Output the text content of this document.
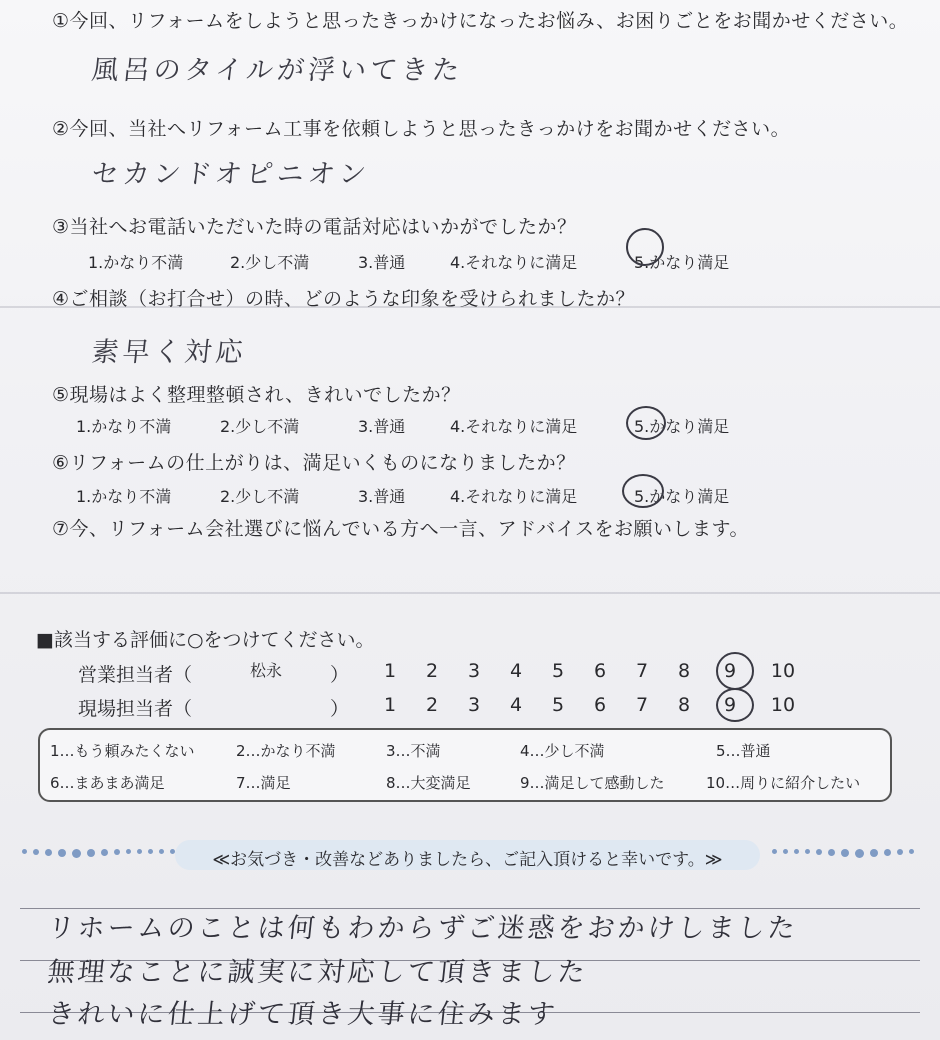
①今回、リフォームをしようと思ったきっかけになったお悩み、お困りごとをお聞かせください。
風呂のタイルが浮いてきた
②今回、当社へリフォーム工事を依頼しようと思ったきっかけをお聞かせください。
セカンドオピニオン
③当社へお電話いただいた時の電話対応はいかがでしたか？
1.かなり不満	2.少し不満	3.普通	4.それなりに満足	5.かなり満足
④ご相談（お打合せ）の時、どのような印象を受けられましたか？
素早く対応
⑤現場はよく整理整頓され、きれいでしたか？
1.かなり不満	2.少し不満	3.普通	4.それなりに満足	5.かなり満足
⑥リフォームの仕上がりは、満足いくものになりましたか？
1.かなり不満	2.少し不満	3.普通	4.それなりに満足	5.かなり満足
⑦今、リフォーム会社選びに悩んでいる方へ一言、アドバイスをお願いします。
■該当する評価に○をつけてください。
営業担当者（	松永	）	1	2	3	4	5	6	7	8	9	10
現場担当者（	）	1	2	3	4	5	6	7	8	9	10
1…もう頼みたくない	2…かなり不満	3…不満	4…少し不満	5…普通
6…まあまあ満足	7…満足	8…大変満足	9…満足して感動した	10…周りに紹介したい
≪お気づき・改善などありましたら、ご記入頂けると幸いです。≫
リホームのことは何もわからずご迷惑をおかけしました
無理なことに誠実に対応して頂きました
きれいに仕上げて頂き大事に住みます
